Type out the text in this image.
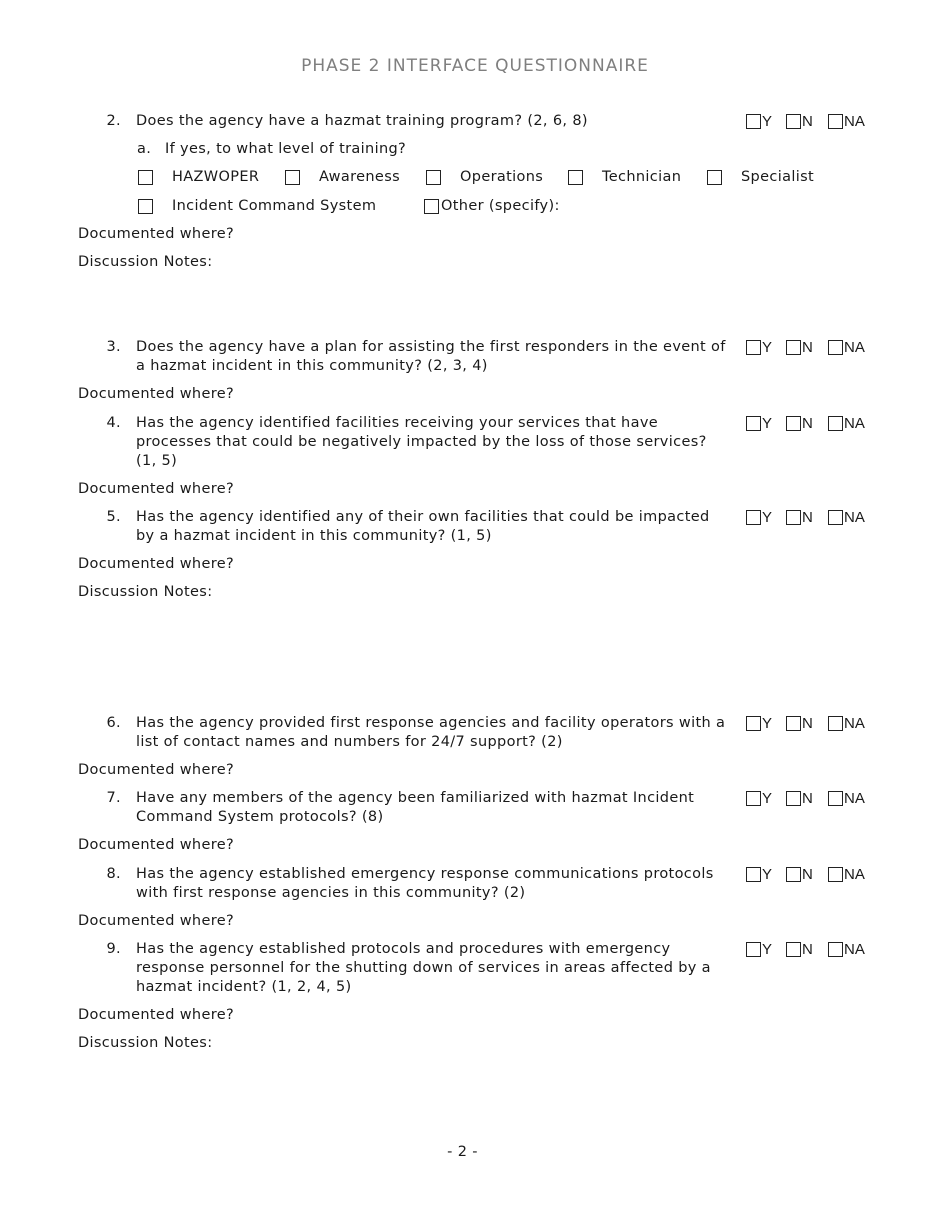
PHASE 2 INTERFACE QUESTIONNAIRE
2. Does the agency have a hazmat training program? (2, 6, 8)	Y N NA
a. If yes, to what level of training?
HAZWOPER	Awareness	Operations	Technician	Specialist
Incident Command System	Other (specify):
Documented where?
Discussion Notes:
3. Does the agency have a plan for assisting the first responders in the event of a hazmat incident in this community? (2, 3, 4)
Y N NA
Documented where?
4. Has the agency identified facilities receiving your services that have processes that could be negatively impacted by the loss of those services? (1, 5)
Y N NA
Documented where?
5. Has the agency identified any of their own facilities that could be impacted by a hazmat incident in this community? (1, 5)
Y N NA
Documented where?
Discussion Notes:
6. Has the agency provided first response agencies and facility operators with a list of contact names and numbers for 24/7 support? (2)
Y N NA
Documented where?
7. Have any members of the agency been familiarized with hazmat Incident Command System protocols? (8)
Y N NA
Documented where?
8. Has the agency established emergency response communications protocols with first response agencies in this community? (2)
Y N NA
Documented where?
9. Has the agency established protocols and procedures with emergency response personnel for the shutting down of services in areas affected by a hazmat incident? (1, 2, 4, 5)
Y N NA
Documented where?
Discussion Notes:
- 2 -
